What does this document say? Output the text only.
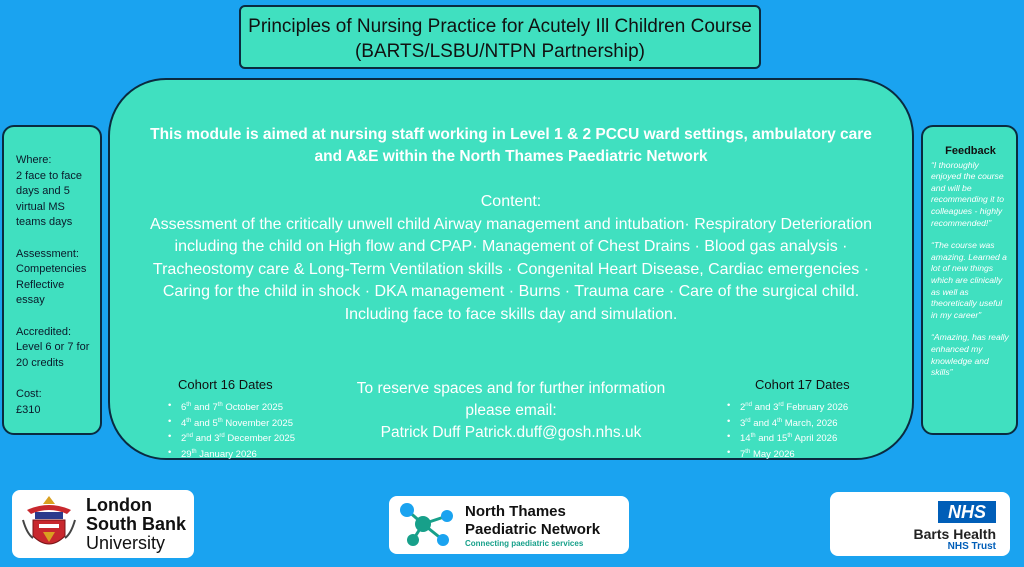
Principles of Nursing Practice for Acutely Ill Children Course
(BARTS/LSBU/NTPN Partnership)
Where:
2 face to face days and 5 virtual MS teams days
Assessment:
Competencies
Reflective essay
Accredited:
Level 6 or 7 for 20 credits
Cost:
£310
This module is aimed at nursing staff working in Level 1 & 2 PCCU ward settings, ambulatory care and A&E within the North Thames Paediatric Network
Content:
Assessment of the critically unwell child Airway management and intubation· Respiratory Deterioration including the child on High flow and CPAP· Management of Chest Drains · Blood gas analysis · Tracheostomy care & Long-Term Ventilation skills · Congenital Heart Disease, Cardiac emergencies · Caring for the child in shock · DKA management · Burns · Trauma care · Care of the surgical child.
Including face to face skills day and simulation.
Cohort 16 Dates
• 6th and 7th October 2025
• 4th and 5th November 2025
• 2nd and 3rd December 2025
• 29th January 2026
To reserve spaces and for further information
please email:
Patrick Duff Patrick.duff@gosh.nhs.uk
Cohort 17 Dates
• 2nd and 3rd February 2026
• 3rd and 4th March, 2026
• 14th and 15th April 2026
• 7th May 2026
Feedback
“I thoroughly enjoyed the course and will be recommending it to colleagues - highly recommended!”
“The course was amazing. Learned a lot of new things which are clinically as well as theoretically useful in my career”
“Amazing, has really enhanced my knowledge and skills”
London
South Bank
University
North Thames
Paediatric Network
Connecting paediatric services
NHS
Barts Health
NHS Trust
